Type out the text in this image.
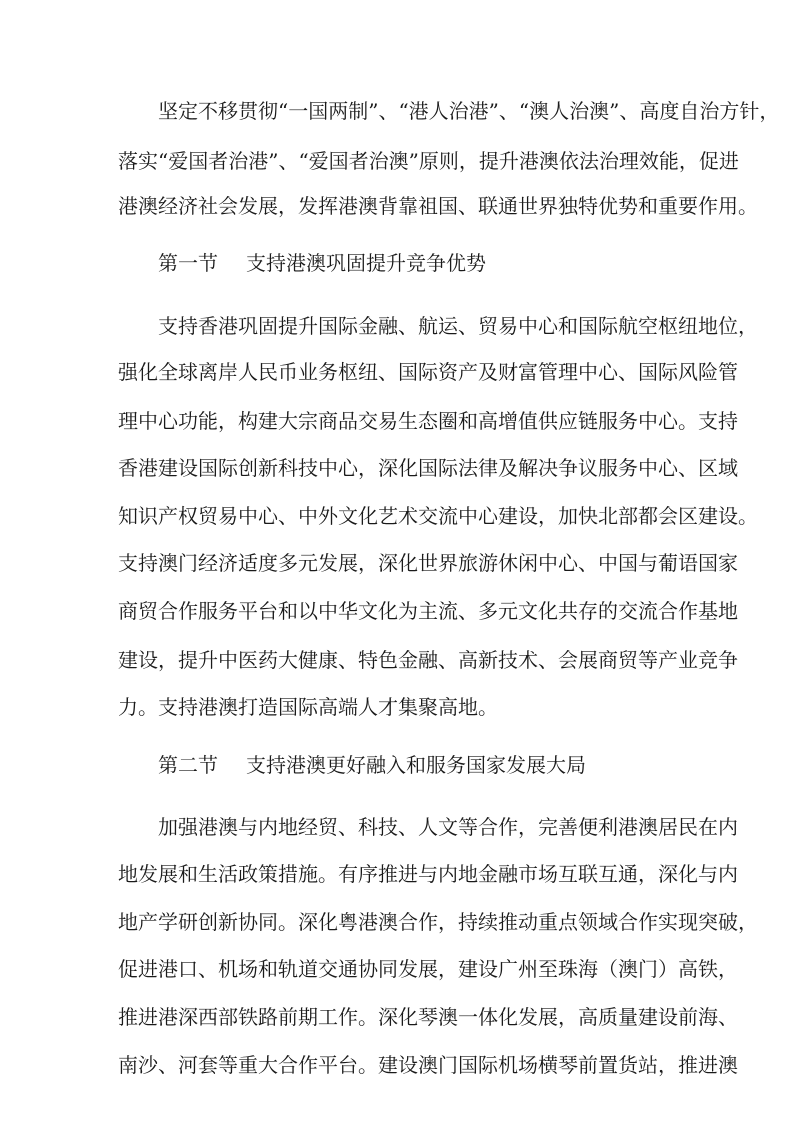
坚定不移贯彻“一国两制”、“港人治港”、“澳人治澳”、高度自治方针，
落实“爱国者治港”、“爱国者治澳”原则，提升港澳依法治理效能，促进
港澳经济社会发展，发挥港澳背靠祖国、联通世界独特优势和重要作用。
第一节 支持港澳巩固提升竞争优势
支持香港巩固提升国际金融、航运、贸易中心和国际航空枢纽地位，
强化全球离岸人民币业务枢纽、国际资产及财富管理中心、国际风险管
理中心功能，构建大宗商品交易生态圈和高增值供应链服务中心。支持
香港建设国际创新科技中心，深化国际法律及解决争议服务中心、区域
知识产权贸易中心、中外文化艺术交流中心建设，加快北部都会区建设。
支持澳门经济适度多元发展，深化世界旅游休闲中心、中国与葡语国家
商贸合作服务平台和以中华文化为主流、多元文化共存的交流合作基地
建设，提升中医药大健康、特色金融、高新技术、会展商贸等产业竞争
力。支持港澳打造国际高端人才集聚高地。
第二节 支持港澳更好融入和服务国家发展大局
加强港澳与内地经贸、科技、人文等合作，完善便利港澳居民在内
地发展和生活政策措施。有序推进与内地金融市场互联互通，深化与内
地产学研创新协同。深化粤港澳合作，持续推动重点领域合作实现突破，
促进港口、机场和轨道交通协同发展，建设广州至珠海（澳门）高铁，
推进港深西部铁路前期工作。深化琴澳一体化发展，高质量建设前海、
南沙、河套等重大合作平台。建设澳门国际机场横琴前置货站，推进澳
